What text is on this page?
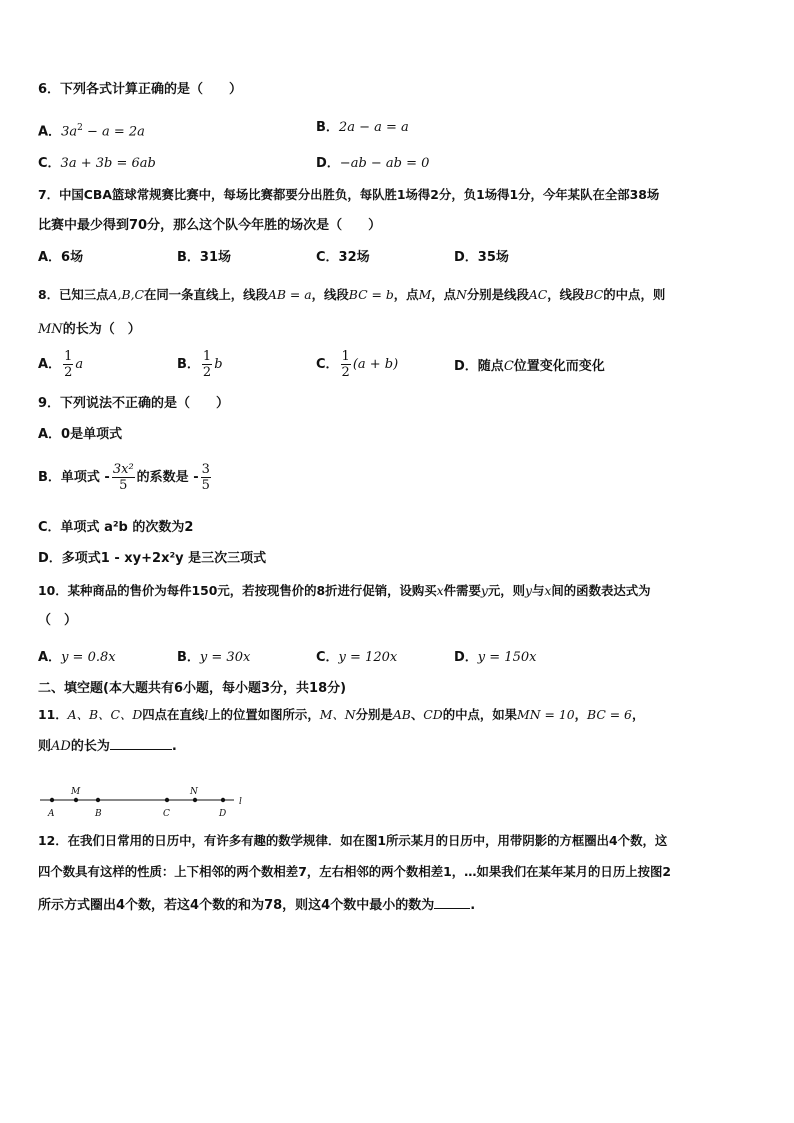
6．下列各式计算正确的是（　　）
A．$3a^2 - a = 2a$	B．2a − a = a
C．3a + 3b = 6ab	D．−ab − ab = 0
7．中国CBA篮球常规赛比赛中，每场比赛都要分出胜负，每队胜1场得2分，负1场得1分，今年某队在全部38场
比赛中最少得到70分，那么这个队今年胜的场次是（　　）
A．6场	B．31场	C．32场	D．35场
8．已知三点A,B,C在同一条直线上，线段AB = a，线段BC = b，点M，点N分别是线段AC，线段BC的中点，则
MN的长为（　）
A． $\frac{1}{2}$ a	B． $\frac{1}{2}$ b	C． $\frac{1}{2} (a + b)$	D．随点C位置变化而变化
9．下列说法不正确的是（　　）
A．0是单项式
B．单项式 - $\frac{\text{3x²}}{5}$ 的系数是 - $\frac{3}{5}$
C．单项式 a²b 的次数为2
D．多项式1 - xy+2x²y 是三次三项式
10．某种商品的售价为每件150元，若按现售价的8折进行促销，设购买x件需要y元，则y与x间的函数表达式为
（　）
A．y = 0.8x	B．y = 30x	C．y = 120x	D．y = 150x
二、填空题(本大题共有6小题，每小题3分，共18分)
11．A、B、C、D四点在直线l上的位置如图所示，M、N分别是AB、CD的中点，如果MN = 10，BC = 6，
则AD的长为	.
M	N
A	B	C	D
l
12．在我们日常用的日历中，有许多有趣的数学规律．如在图1所示某月的日历中，用带阴影的方框圈出4个数，这
四个数具有这样的性质：上下相邻的两个数相差7，左右相邻的两个数相差1，…如果我们在某年某月的日历上按图2
所示方式圈出4个数，若这4个数的和为78，则这4个数中最小的数为	.
